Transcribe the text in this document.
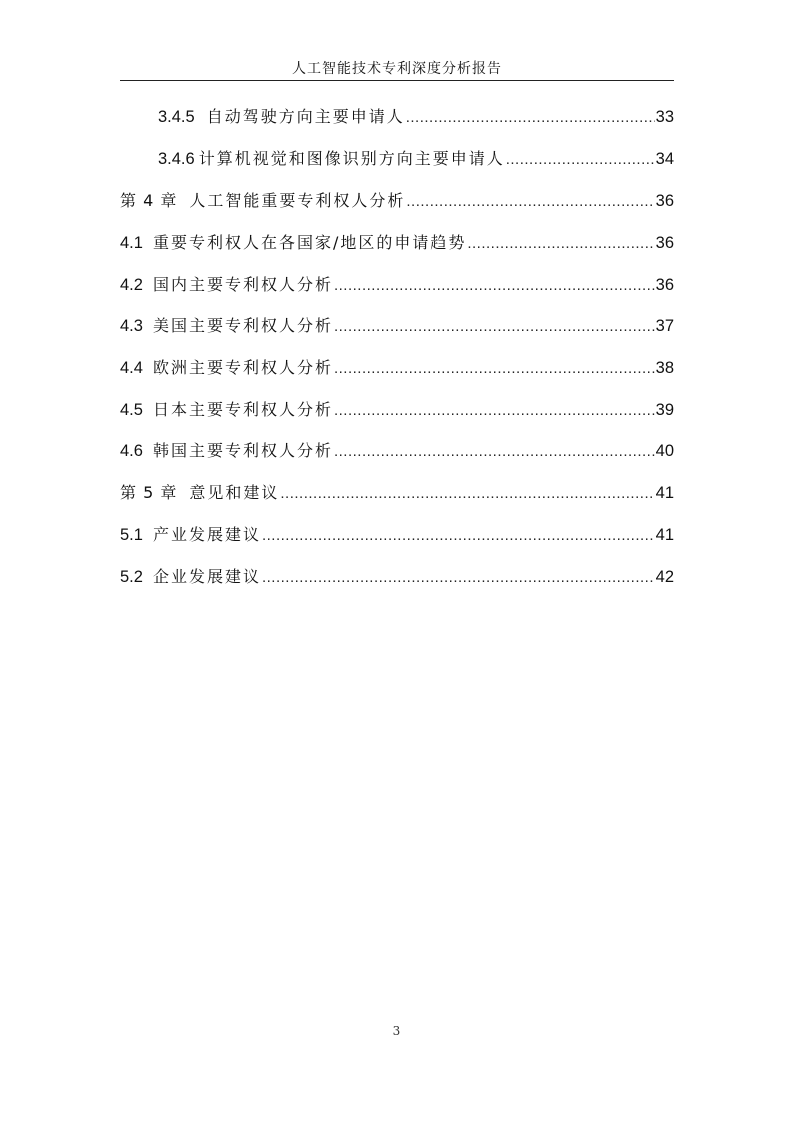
人工智能技术专利深度分析报告
3.4.5 自动驾驶方向主要申请人 .....	33
3.4.6 计算机视觉和图像识别方向主要申请人 .....	34
第 4 章 人工智能重要专利权人分析 .....	36
4.1 重要专利权人在各国家/地区的申请趋势 .....	36
4.2 国内主要专利权人分析 .....	36
4.3 美国主要专利权人分析 .....	37
4.4 欧洲主要专利权人分析 .....	38
4.5 日本主要专利权人分析 .....	39
4.6 韩国主要专利权人分析 .....	40
第 5 章 意见和建议 .....	41
5.1 产业发展建议 .....	41
5.2 企业发展建议 .....	42
3
